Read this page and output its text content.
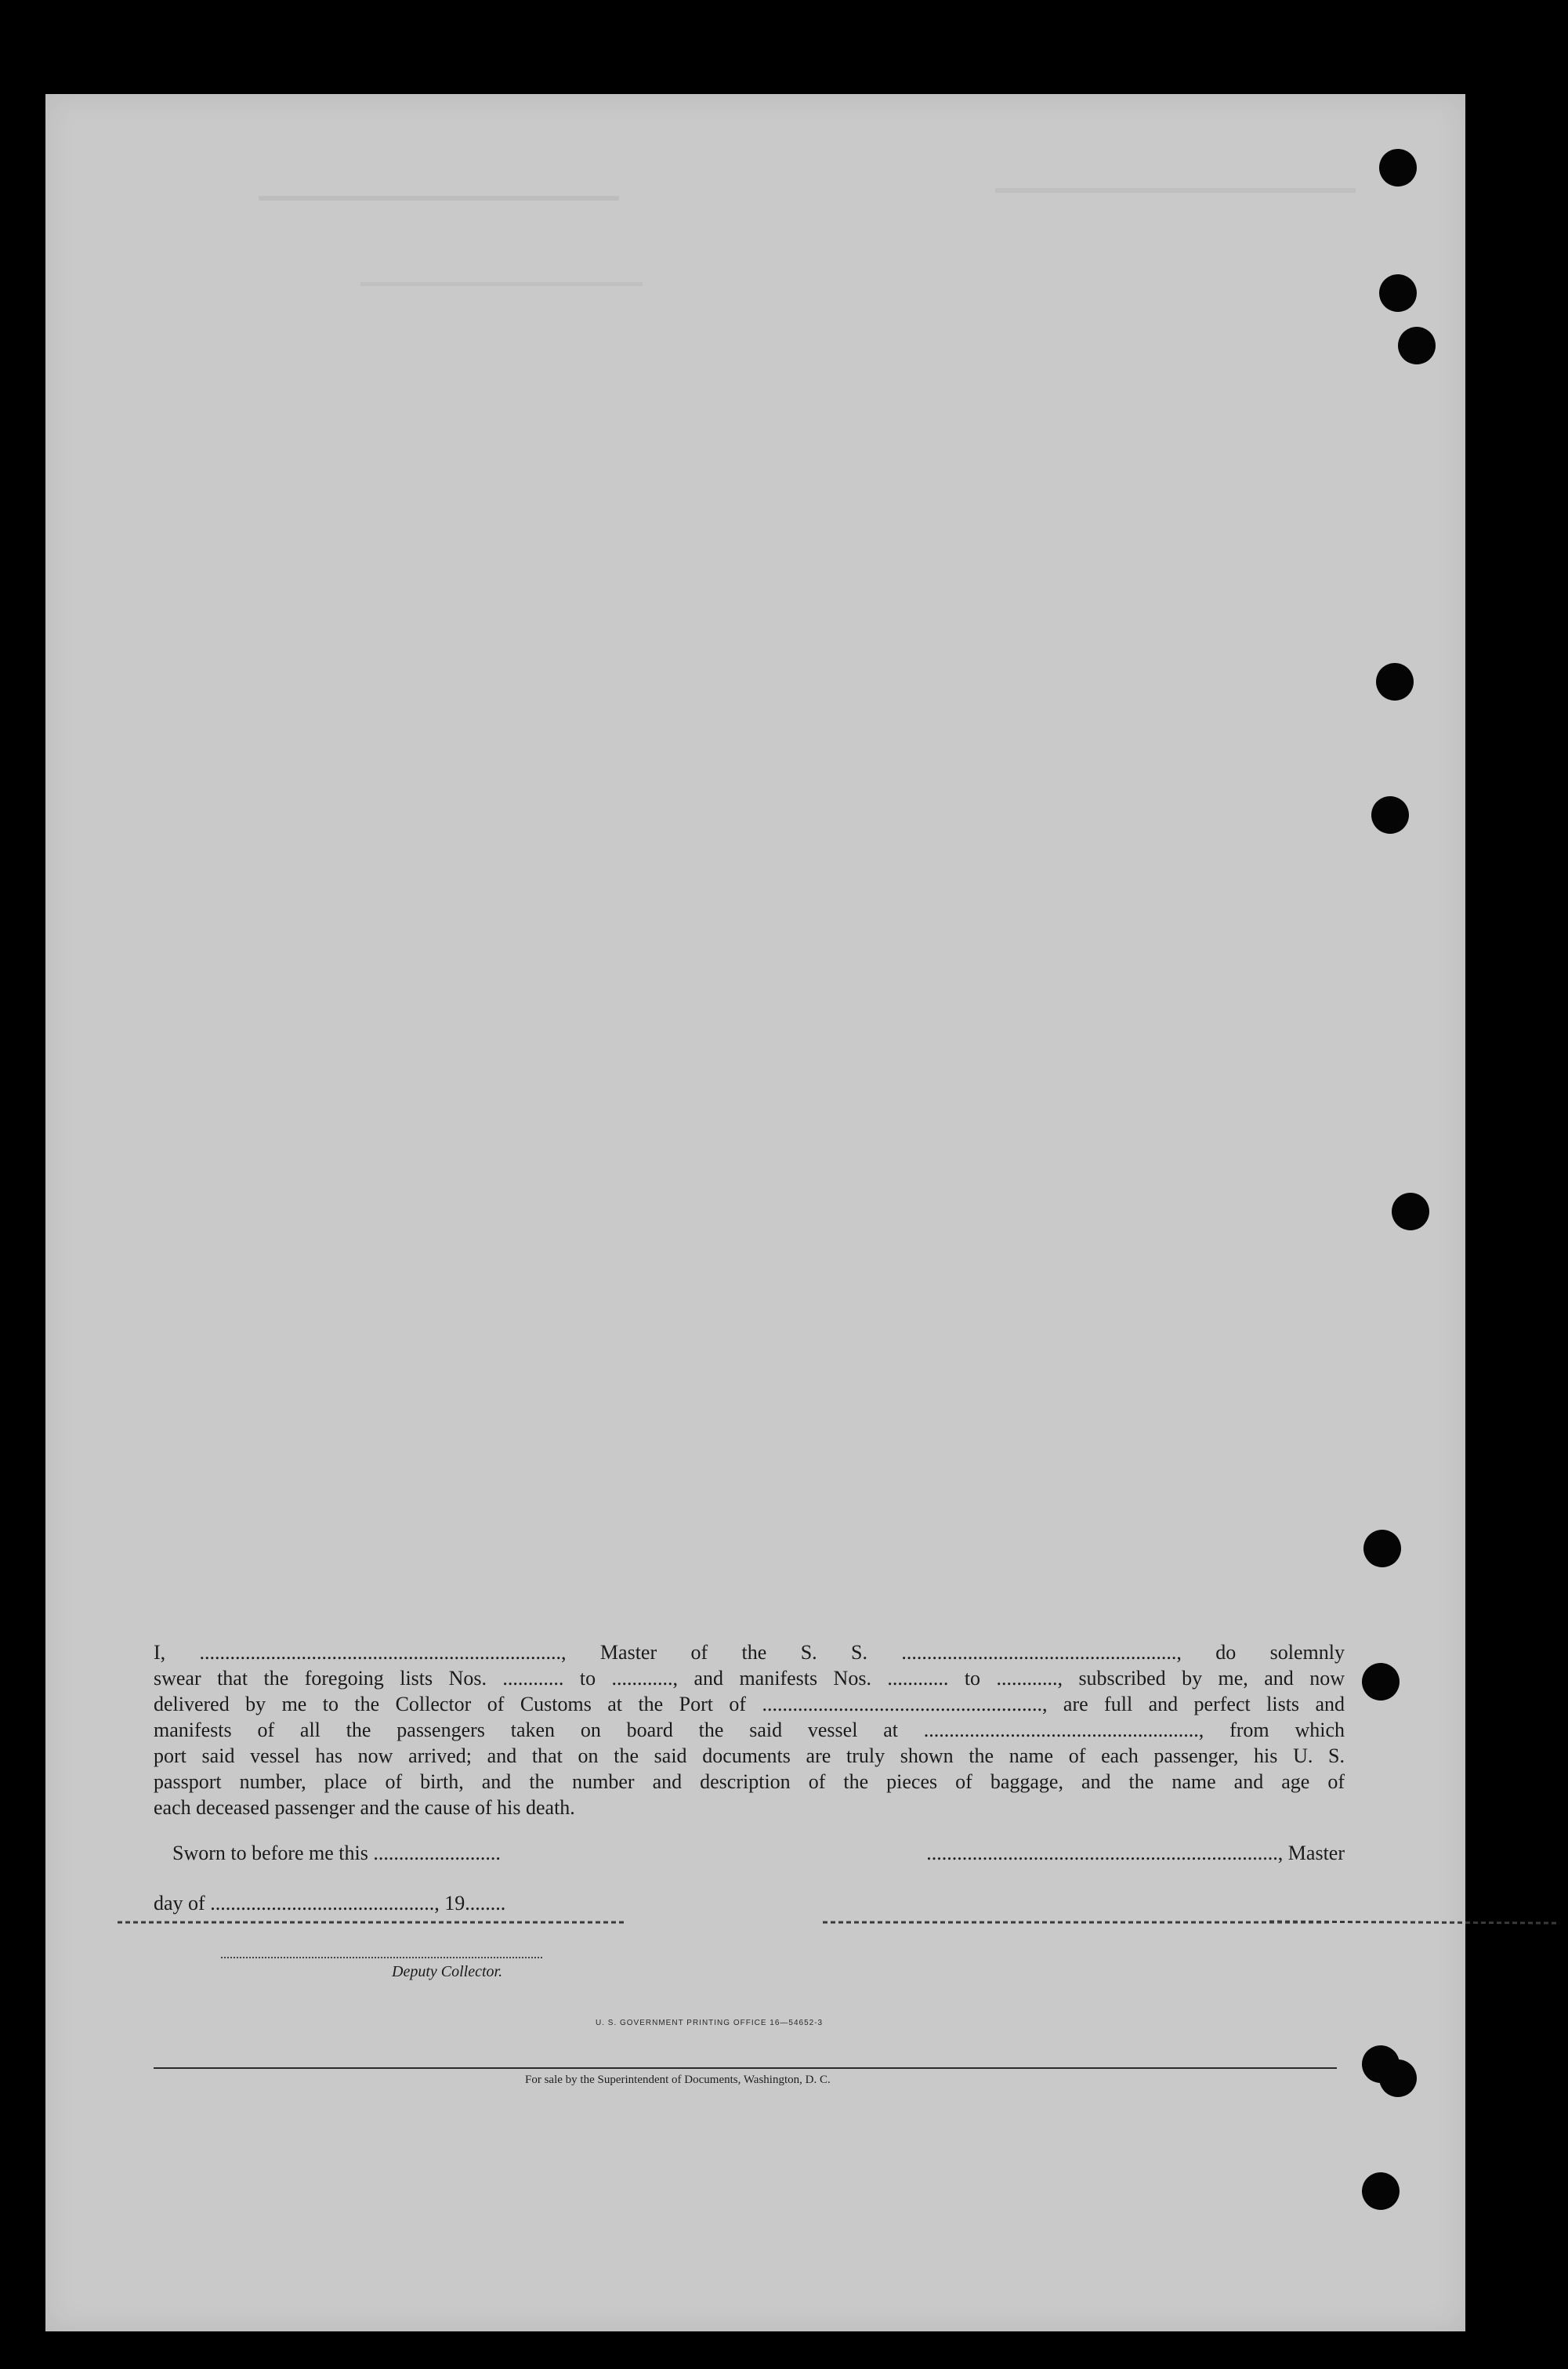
I, ......................................................................., Master of the S. S. ......................................................, do solemnly
swear that the foregoing lists Nos. ............ to ............, and manifests Nos. ............ to ............, subscribed by me, and now
delivered by me to the Collector of Customs at the Port of ......................................................., are full and perfect lists and
manifests of all the passengers taken on board the said vessel at ......................................................, from which
port said vessel has now arrived; and that on the said documents are truly shown the name of each passenger, his U. S.
passport number, place of birth, and the number and description of the pieces of baggage, and the name and age of
each deceased passenger and the cause of his death.
Sworn to before me this .........................	....................................................................., Master
day of ............................................, 19........
Deputy Collector.
U. S. GOVERNMENT PRINTING OFFICE 16—54652-3
For sale by the Superintendent of Documents, Washington, D. C.
